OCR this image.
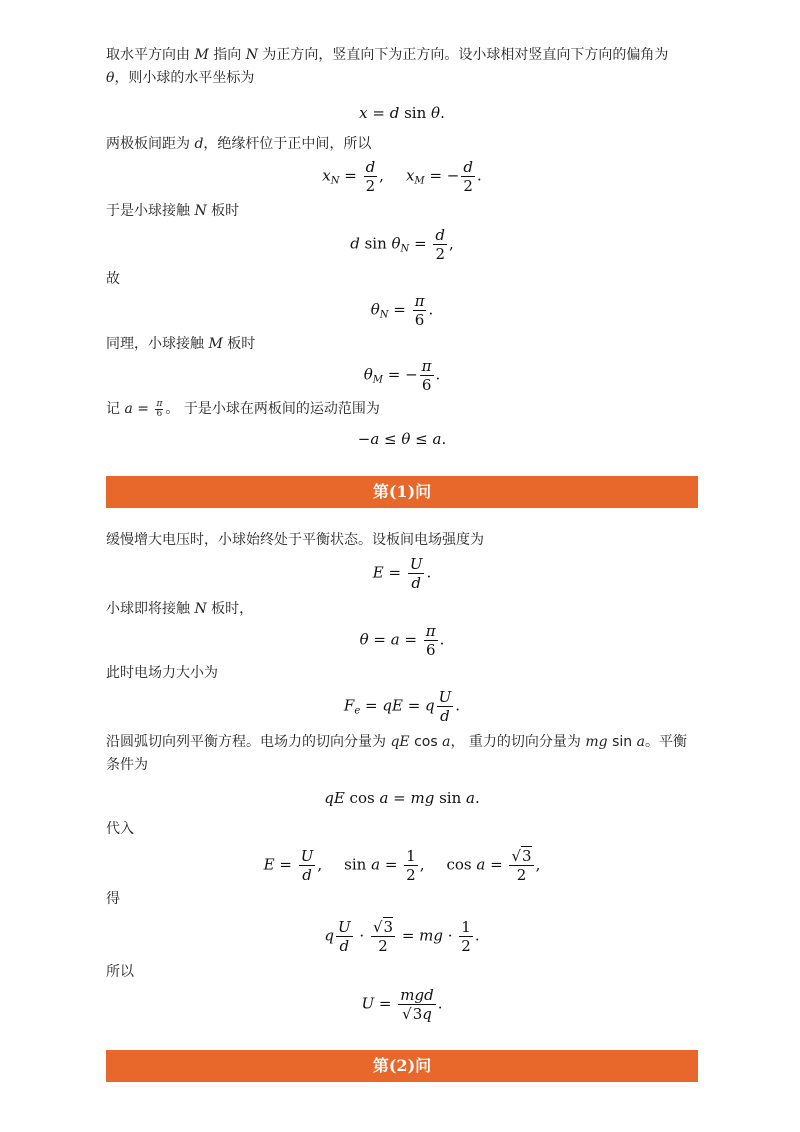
取水平方向由 M 指向 N 为正方向，竖直向下为正方向。设小球相对竖直向下方向的偏角为
θ，则小球的水平坐标为
x = d sin θ.
两极板间距为 d，绝缘杆位于正中间，所以
$x_N = \frac{d}{2}$ , $x_M$ = − $\frac{d}{2}$ .
于是小球接触 N 板时
d $\sin \theta_N = \frac{d}{2}$ ,
故
$\theta_N = \frac{\pi}{6}$ .
同理，小球接触 M 板时
$\theta_M$ = − $\frac{\pi}{6}$ .
记 $a = \frac{\pi}{6}$ 。 于是小球在两板间的运动范围为
−a ≤ θ ≤ a.
第(1)问
缓慢增大电压时，小球始终处于平衡状态。设板间电场强度为
$E = \frac{U}{d}$ .
小球即将接触 N 板时，
$\theta = a = \frac{\pi}{6}$ .
此时电场力大小为
$F_e$ = qE = q $\frac{U}{d}$ .
沿圆弧切向列平衡方程。电场力的切向分量为 qE cos a， 重力的切向分量为 mg sin a。平衡条件为
qE cos a = mg sin a.
代入
$E = \frac{U}{d}$ , $\sin a = \frac{1}{2}$ , $\cos a = \frac{√3}{2}$ ,
得
q $\frac{U}{d} \cdot \frac{√3}{2}$ = mg · $\frac{1}{2}$ .
所以
$U = \frac{\text{mgd}}{√3q}$ .
第(2)问
